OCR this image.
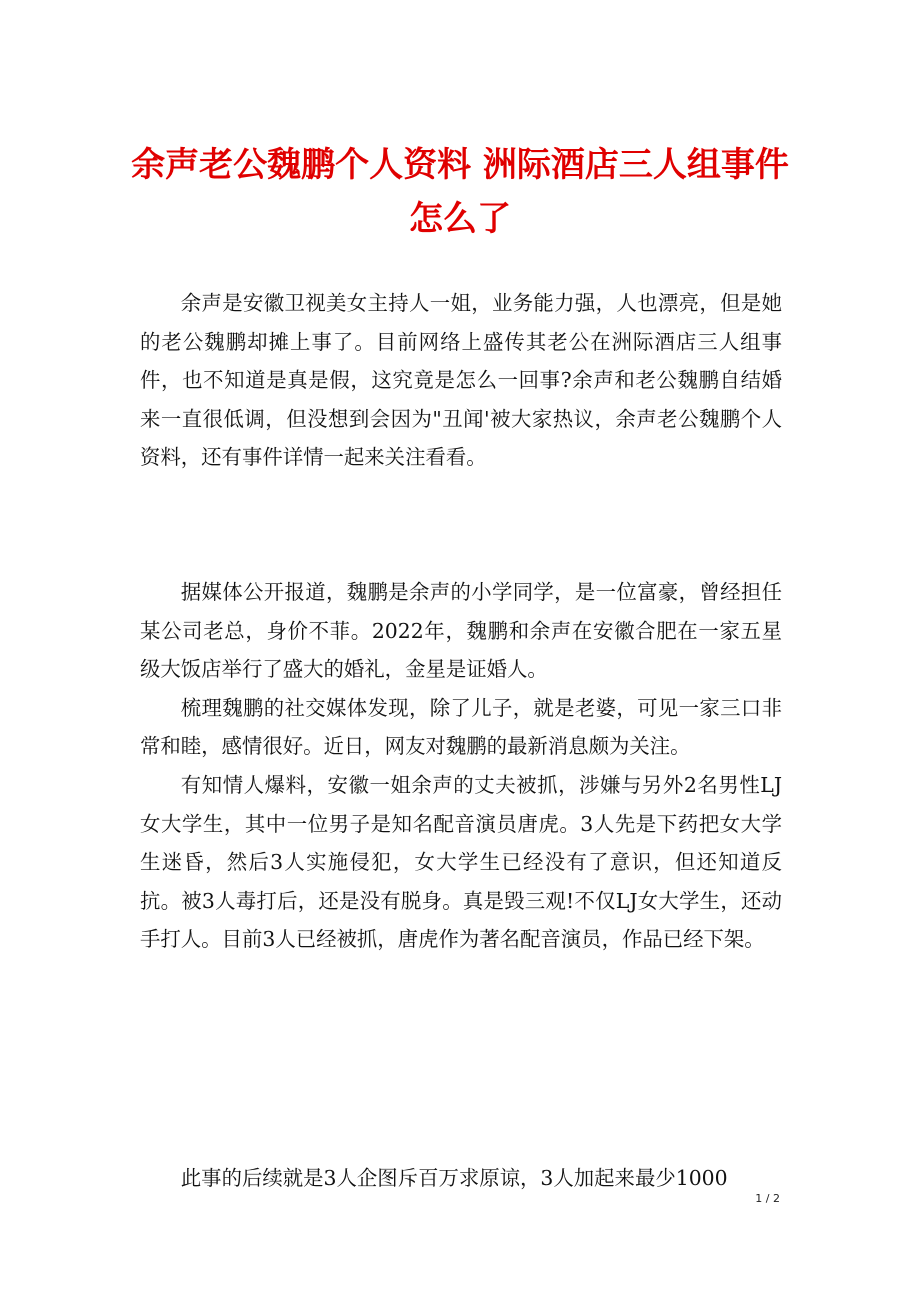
余声老公魏鹏个人资料 洲际酒店三人组事件怎么了

余声是安徽卫视美女主持人一姐，业务能力强，人也漂亮，但是她的老公魏鹏却摊上事了。目前网络上盛传其老公在洲际酒店三人组事件，也不知道是真是假，这究竟是怎么一回事?余声和老公魏鹏自结婚来一直很低调，但没想到会因为"丑闻'被大家热议，余声老公魏鹏个人资料，还有事件详情一起来关注看看。

据媒体公开报道，魏鹏是余声的小学同学，是一位富豪，曾经担任某公司老总，身价不菲。2022年，魏鹏和余声在安徽合肥在一家五星级大饭店举行了盛大的婚礼，金星是证婚人。

梳理魏鹏的社交媒体发现，除了儿子，就是老婆，可见一家三口非常和睦，感情很好。近日，网友对魏鹏的最新消息颇为关注。

有知情人爆料，安徽一姐余声的丈夫被抓，涉嫌与另外2名男性LJ女大学生，其中一位男子是知名配音演员唐虎。3人先是下药把女大学生迷昏，然后3人实施侵犯，女大学生已经没有了意识，但还知道反抗。被3人毒打后，还是没有脱身。真是毁三观!不仅LJ女大学生，还动手打人。目前3人已经被抓，唐虎作为著名配音演员，作品已经下架。

此事的后续就是3人企图斥百万求原谅，3人加起来最少1000

1 / 2
